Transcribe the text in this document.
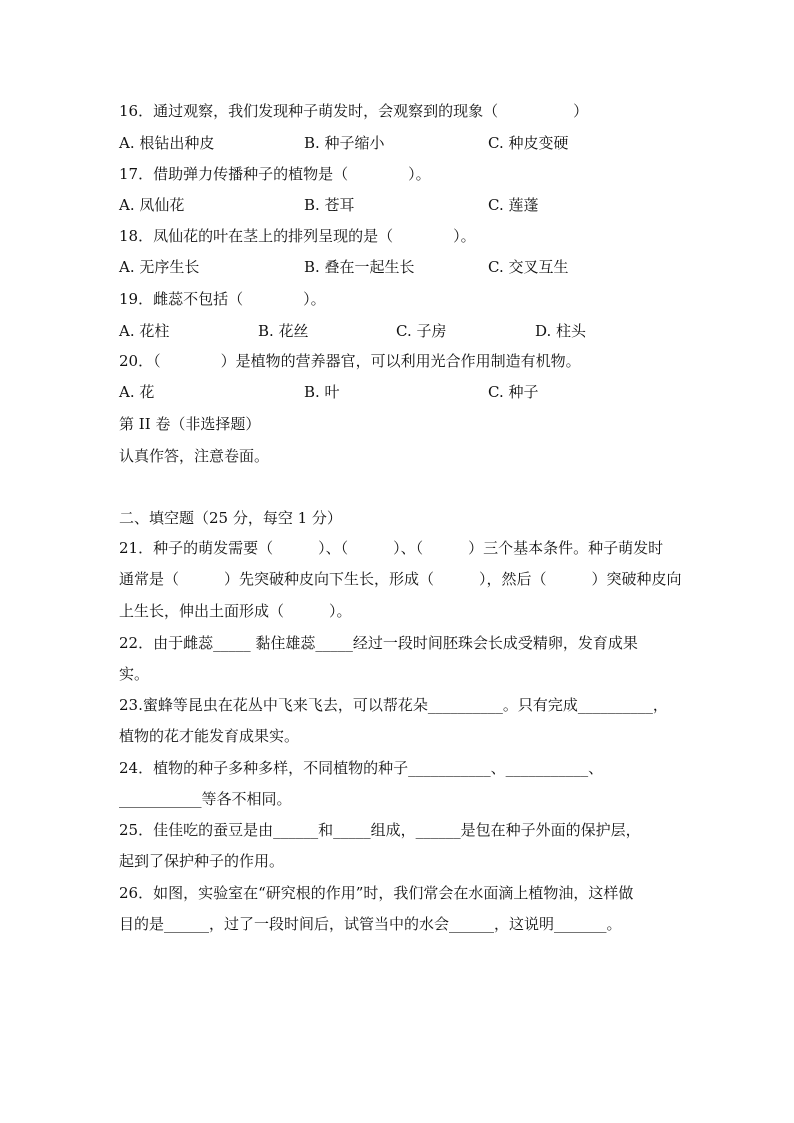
16．通过观察，我们发现种子萌发时，会观察到的现象（　　　　　）
A. 根钻出种皮	B. 种子缩小	C. 种皮变硬
17．借助弹力传播种子的植物是（　　　　）。
A. 凤仙花	B. 苍耳	C. 莲蓬
18．凤仙花的叶在茎上的排列呈现的是（　　　　）。
A. 无序生长	B. 叠在一起生长	C. 交叉互生
19．雌蕊不包括（　　　　）。
A. 花柱	B. 花丝	C. 子房	D. 柱头
20．（　　　　）是植物的营养器官，可以利用光合作用制造有机物。
A. 花	B. 叶	C. 种子
第 II 卷（非选择题）
认真作答，注意卷面。
二、填空题（25 分，每空 1 分）
21．种子的萌发需要（　　　）、（　　　）、（　　　）三个基本条件。种子萌发时
通常是（　　　）先突破种皮向下生长，形成（　　　），然后（　　　）突破种皮向
上生长，伸出土面形成（　　　）。
22．由于雌蕊_____ 黏住雄蕊_____经过一段时间胚珠会长成受精卵，发育成果
实。
23.蜜蜂等昆虫在花丛中飞来飞去，可以帮花朵__________。只有完成__________，
植物的花才能发育成果实。
24．植物的种子多种多样，不同植物的种子___________、___________、
___________等各不相同。
25．佳佳吃的蚕豆是由______和_____组成，______是包在种子外面的保护层，
起到了保护种子的作用。
26．如图，实验室在“研究根的作用”时，我们常会在水面滴上植物油，这样做
目的是______，过了一段时间后，试管当中的水会______，这说明_______。
